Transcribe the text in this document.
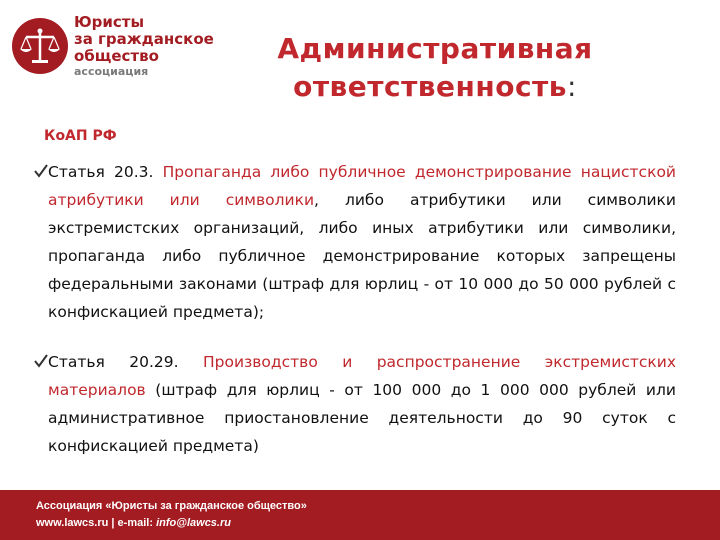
Юристы
за гражданское
общество
ассоциация
Административная
ответственность:
КоАП РФ
Статья 20.3. Пропаганда либо публичное демонстрирование нацистской атрибутики или символики, либо атрибутики или символики экстремистских организаций, либо иных атрибутики или символики, пропаганда либо публичное демонстрирование которых запрещены федеральными законами (штраф для юрлиц - от 10 000 до 50 000 рублей с конфискацией предмета);
Статья 20.29. Производство и распространение экстремистских материалов (штраф для юрлиц - от 100 000 до 1 000 000 рублей или административное приостановление деятельности до 90 суток с конфискацией предмета)
Ассоциация «Юристы за гражданское общество»
www.lawcs.ru | e-mail: info@lawcs.ru
